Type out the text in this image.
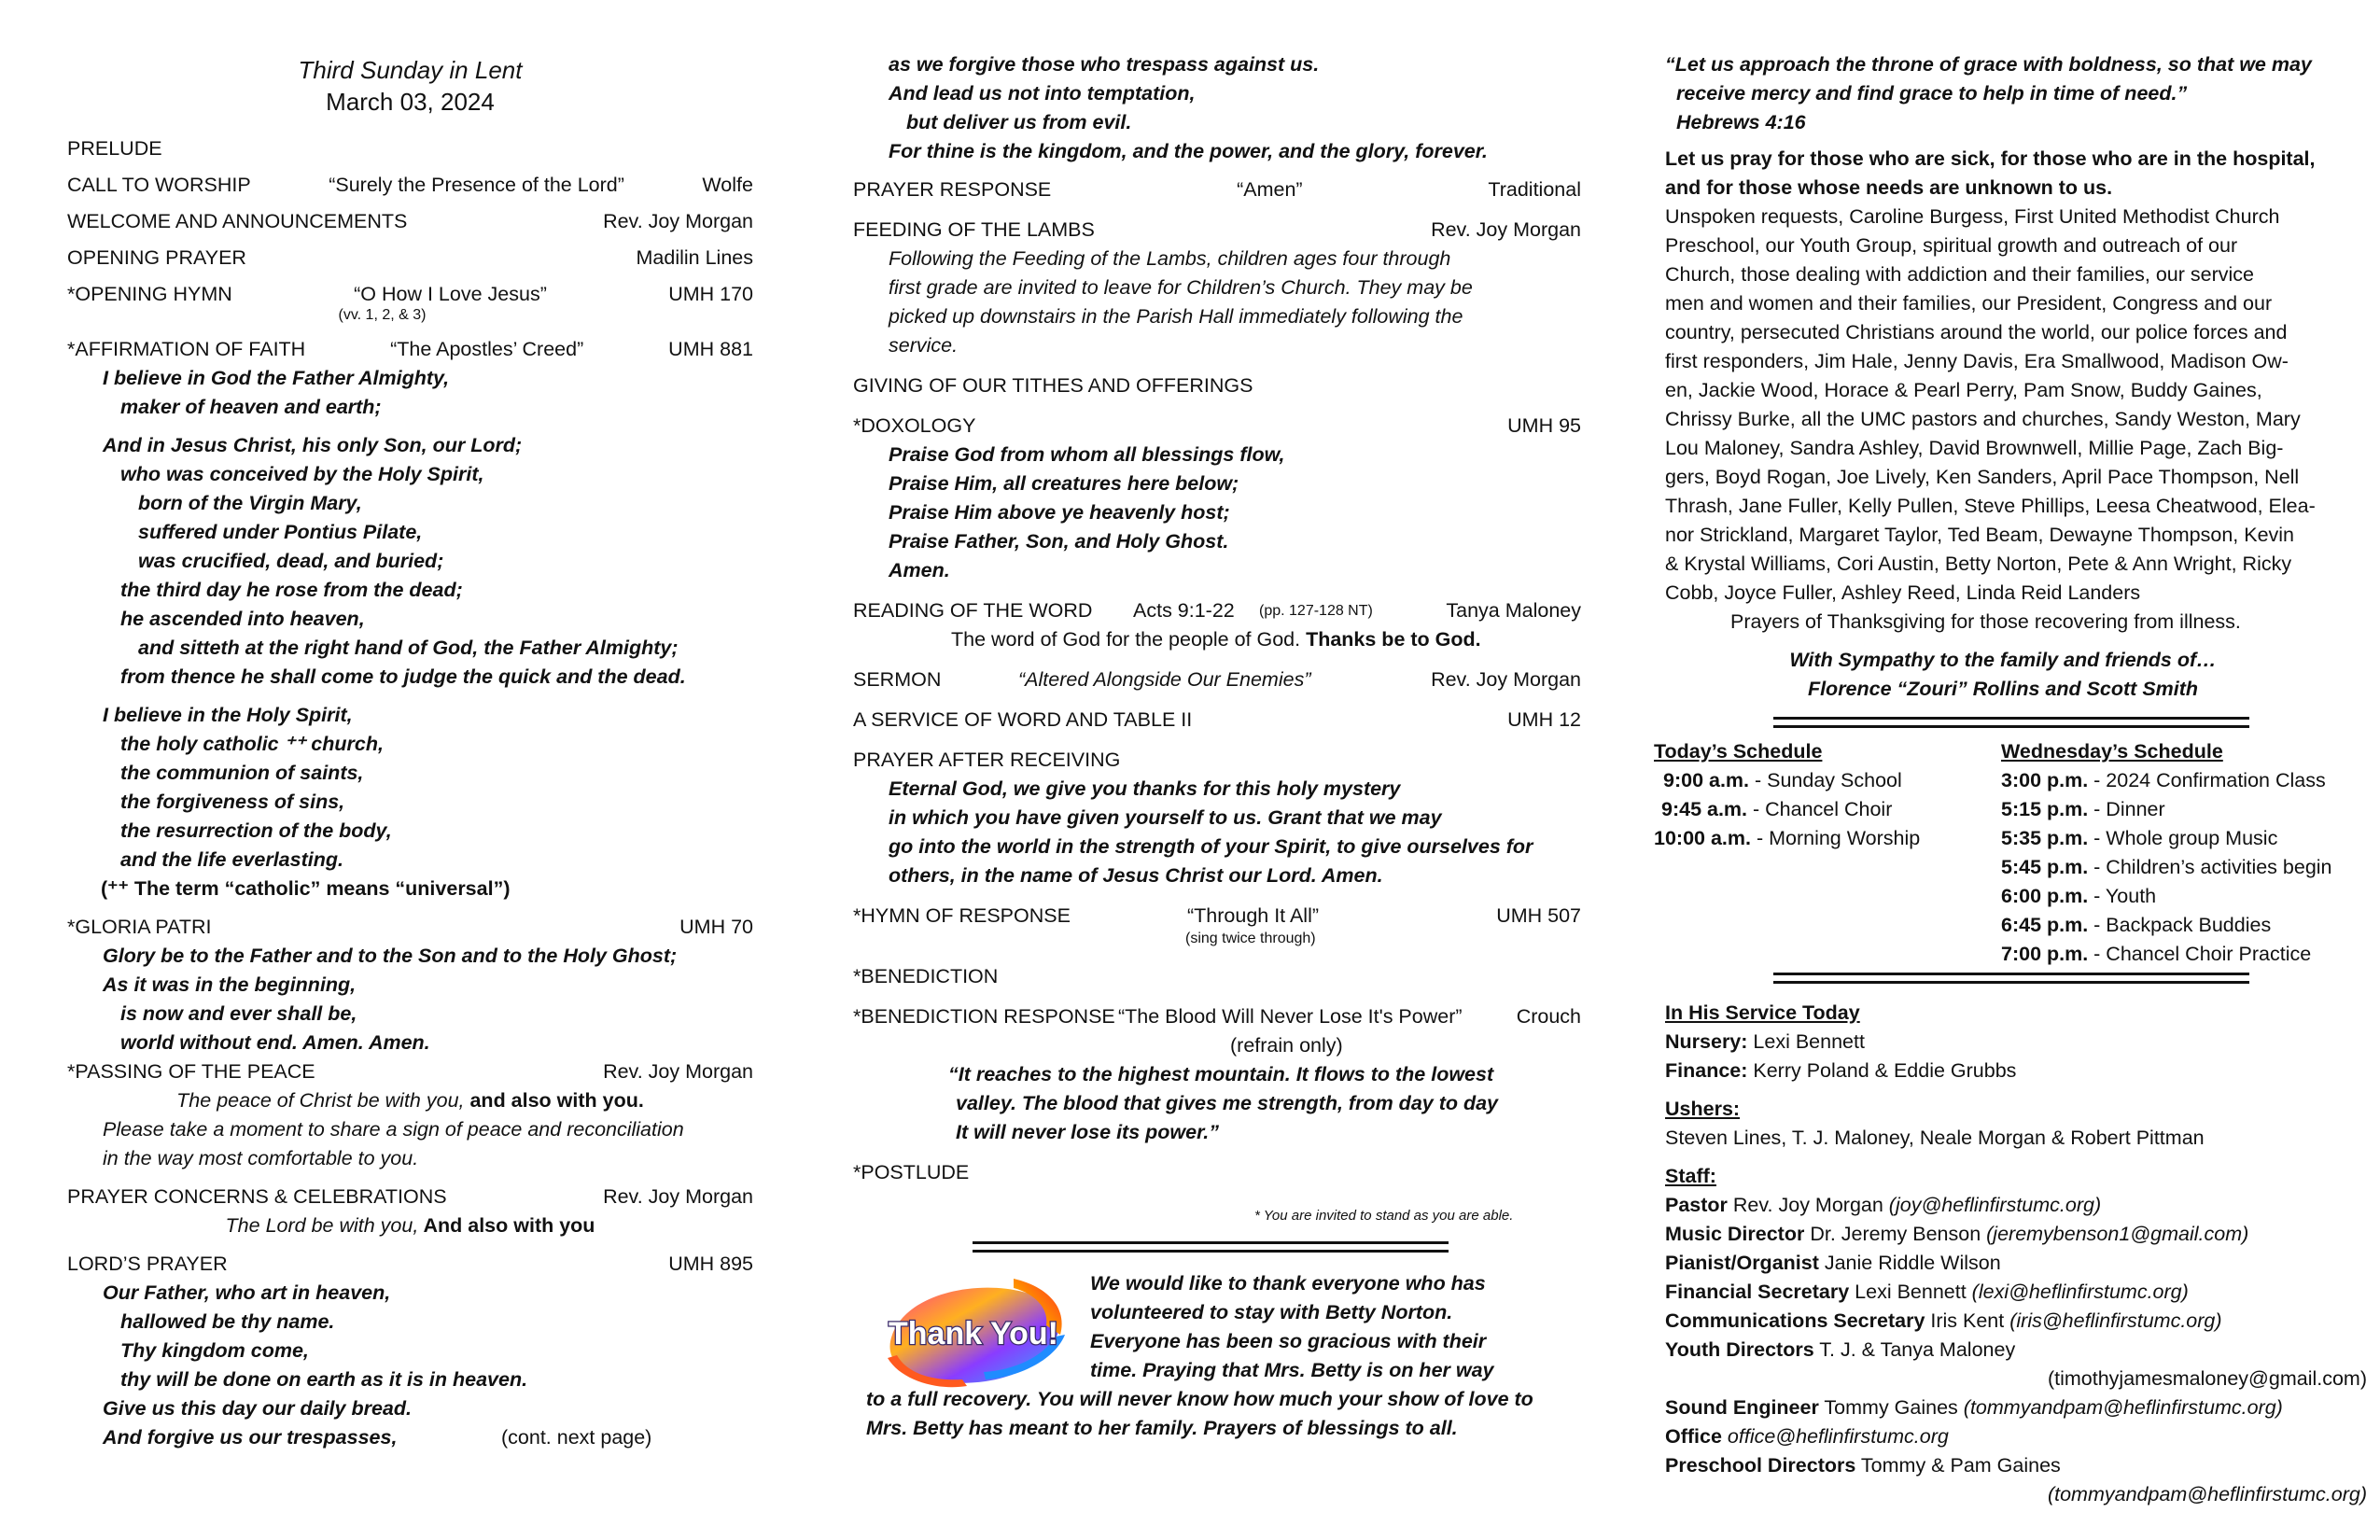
Third Sunday in Lent
March 03, 2024
PRELUDE
CALL TO WORSHIP	“Surely the Presence of the Lord”	Wolfe
WELCOME AND ANNOUNCEMENTS	Rev. Joy Morgan
OPENING PRAYER	Madilin Lines
*OPENING HYMN	“O How I Love Jesus”	UMH 170
(vv. 1, 2, & 3)
*AFFIRMATION OF FAITH	“The Apostles’ Creed”	UMH 881
I believe in God the Father Almighty,
maker of heaven and earth;
And in Jesus Christ, his only Son, our Lord;
who was conceived by the Holy Spirit,
born of the Virgin Mary,
suffered under Pontius Pilate,
was crucified, dead, and buried;
the third day he rose from the dead;
he ascended into heaven,
and sitteth at the right hand of God, the Father Almighty;
from thence he shall come to judge the quick and the dead.
I believe in the Holy Spirit,
the holy catholic ⁺⁺ church,
the communion of saints,
the forgiveness of sins,
the resurrection of the body,
and the life everlasting.
(⁺⁺ The term “catholic” means “universal”)
*GLORIA PATRI	UMH 70
Glory be to the Father and to the Son and to the Holy Ghost;
As it was in the beginning,
is now and ever shall be,
world without end. Amen. Amen.
*PASSING OF THE PEACE	Rev. Joy Morgan
The peace of Christ be with you, and also with you.
Please take a moment to share a sign of peace and reconciliation
in the way most comfortable to you.
PRAYER CONCERNS & CELEBRATIONS	Rev. Joy Morgan
The Lord be with you, And also with you
LORD’S PRAYER	UMH 895
Our Father, who art in heaven,
hallowed be thy name.
Thy kingdom come,
thy will be done on earth as it is in heaven.
Give us this day our daily bread.
And forgive us our trespasses,	(cont. next page)
as we forgive those who trespass against us.
And lead us not into temptation,
but deliver us from evil.
For thine is the kingdom, and the power, and the glory, forever.
PRAYER RESPONSE	“Amen”	Traditional
FEEDING OF THE LAMBS	Rev. Joy Morgan
Following the Feeding of the Lambs, children ages four through
first grade are invited to leave for Children’s Church. They may be
picked up downstairs in the Parish Hall immediately following the
service.
GIVING OF OUR TITHES AND OFFERINGS
*DOXOLOGY	UMH 95
Praise God from whom all blessings flow,
Praise Him, all creatures here below;
Praise Him above ye heavenly host;
Praise Father, Son, and Holy Ghost.
Amen.
READING OF THE WORD Acts 9:1-22 (pp. 127-128 NT)	Tanya Maloney
The word of God for the people of God. Thanks be to God.
SERMON	“Altered Alongside Our Enemies”	Rev. Joy Morgan
A SERVICE OF WORD AND TABLE II	UMH 12
PRAYER AFTER RECEIVING
Eternal God, we give you thanks for this holy mystery
in which you have given yourself to us. Grant that we may
go into the world in the strength of your Spirit, to give ourselves for
others, in the name of Jesus Christ our Lord. Amen.
*HYMN OF RESPONSE	“Through It All”	UMH 507
(sing twice through)
*BENEDICTION
*BENEDICTION RESPONSE “The Blood Will Never Lose It's Power”	Crouch
(refrain only)
“It reaches to the highest mountain. It flows to the lowest
valley. The blood that gives me strength, from day to day
It will never lose its power.”
*POSTLUDE
* You are invited to stand as you are able.
Thank You!
We would like to thank everyone who has
volunteered to stay with Betty Norton.
Everyone has been so gracious with their
time. Praying that Mrs. Betty is on her way
to a full recovery. You will never know how much your show of love to
Mrs. Betty has meant to her family. Prayers of blessings to all.
“Let us approach the throne of grace with boldness, so that we may
receive mercy and find grace to help in time of need.”
Hebrews 4:16
Let us pray for those who are sick, for those who are in the hospital,
and for those whose needs are unknown to us.
Unspoken requests, Caroline Burgess, First United Methodist Church
Preschool, our Youth Group, spiritual growth and outreach of our
Church, those dealing with addiction and their families, our service
men and women and their families, our President, Congress and our
country, persecuted Christians around the world, our police forces and
first responders, Jim Hale, Jenny Davis, Era Smallwood, Madison Ow-
en, Jackie Wood, Horace & Pearl Perry, Pam Snow, Buddy Gaines,
Chrissy Burke, all the UMC pastors and churches, Sandy Weston, Mary
Lou Maloney, Sandra Ashley, David Brownwell, Millie Page, Zach Big-
gers, Boyd Rogan, Joe Lively, Ken Sanders, April Pace Thompson, Nell
Thrash, Jane Fuller, Kelly Pullen, Steve Phillips, Leesa Cheatwood, Elea-
nor Strickland, Margaret Taylor, Ted Beam, Dewayne Thompson, Kevin
& Krystal Williams, Cori Austin, Betty Norton, Pete & Ann Wright, Ricky
Cobb, Joyce Fuller, Ashley Reed, Linda Reid Landers
Prayers of Thanksgiving for those recovering from illness.
With Sympathy to the family and friends of…
Florence “Zouri” Rollins and Scott Smith
Today’s Schedule
9:00 a.m. - Sunday School
9:45 a.m. - Chancel Choir
10:00 a.m. - Morning Worship
Wednesday’s Schedule
3:00 p.m. - 2024 Confirmation Class
5:15 p.m. - Dinner
5:35 p.m. - Whole group Music
5:45 p.m. - Children’s activities begin
6:00 p.m. - Youth
6:45 p.m. - Backpack Buddies
7:00 p.m. - Chancel Choir Practice
In His Service Today
Nursery: Lexi Bennett
Finance: Kerry Poland & Eddie Grubbs
Ushers:
Steven Lines, T. J. Maloney, Neale Morgan & Robert Pittman
Staff:
Pastor Rev. Joy Morgan (joy@heflinfirstumc.org)
Music Director Dr. Jeremy Benson (jeremybenson1@gmail.com)
Pianist/Organist Janie Riddle Wilson
Financial Secretary Lexi Bennett (lexi@heflinfirstumc.org)
Communications Secretary Iris Kent (iris@heflinfirstumc.org)
Youth Directors T. J. & Tanya Maloney
(timothyjamesmaloney@gmail.com)
Sound Engineer Tommy Gaines (tommyandpam@heflinfirstumc.org)
Office office@heflinfirstumc.org
Preschool Directors Tommy & Pam Gaines
(tommyandpam@heflinfirstumc.org)
